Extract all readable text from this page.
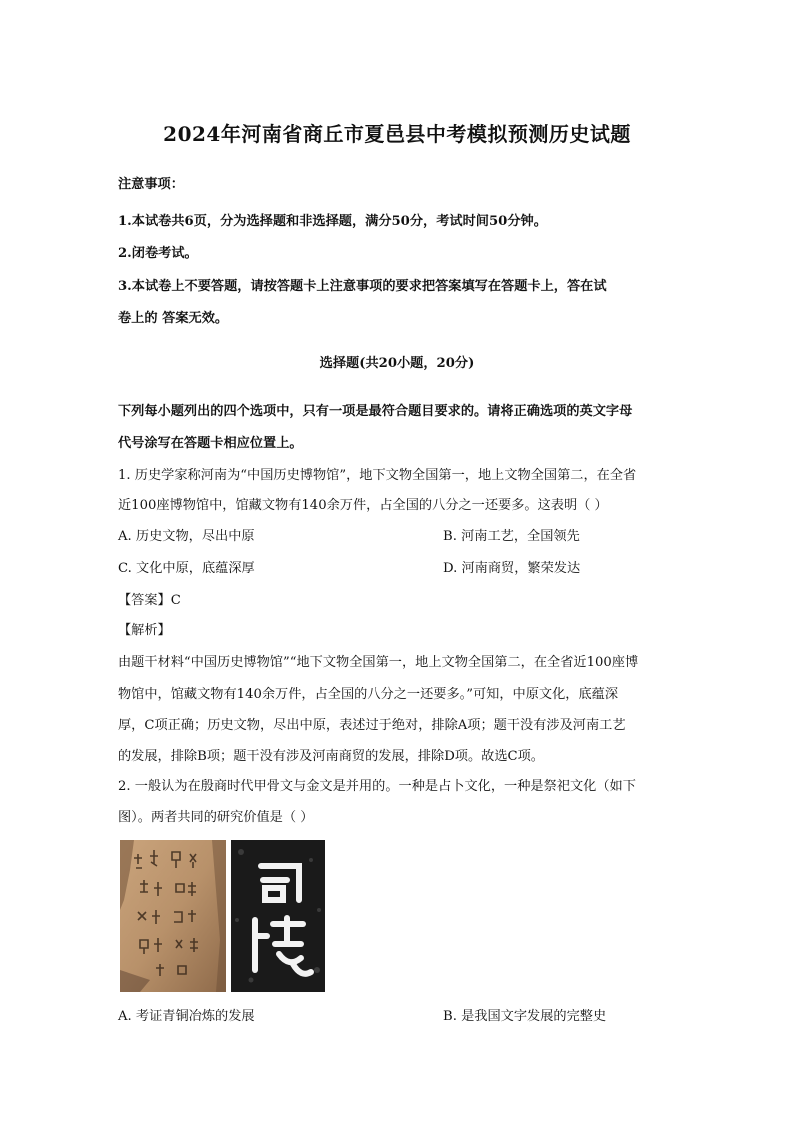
2024年河南省商丘市夏邑县中考模拟预测历史试题
注意事项：
1.本试卷共6页，分为选择题和非选择题，满分50分，考试时间50分钟。
2.闭卷考试。
3.本试卷上不要答题，请按答题卡上注意事项的要求把答案填写在答题卡上，答在试
卷上的 答案无效。
选择题(共20小题，20分)
下列每小题列出的四个选项中，只有一项是最符合题目要求的。请将正确选项的英文字母
代号涂写在答题卡相应位置上。
1. 历史学家称河南为“中国历史博物馆”，地下文物全国第一，地上文物全国第二，在全省
近100座博物馆中，馆藏文物有140余万件，占全国的八分之一还要多。这表明（ ）
A. 历史文物，尽出中原	B. 河南工艺，全国领先
C. 文化中原，底蕴深厚	D. 河南商贸，繁荣发达
【答案】C
【解析】
由题干材料“中国历史博物馆”“地下文物全国第一，地上文物全国第二，在全省近100座博
物馆中，馆藏文物有140余万件，占全国的八分之一还要多。”可知，中原文化，底蕴深
厚，C项正确；历史文物，尽出中原，表述过于绝对，排除A项；题干没有涉及河南工艺
的发展，排除B项；题干没有涉及河南商贸的发展，排除D项。故选C项。
2. 一般认为在殷商时代甲骨文与金文是并用的。一种是占卜文化，一种是祭祀文化（如下
图）。两者共同的研究价值是（ ）
A. 考证青铜冶炼的发展	B. 是我国文字发展的完整史
